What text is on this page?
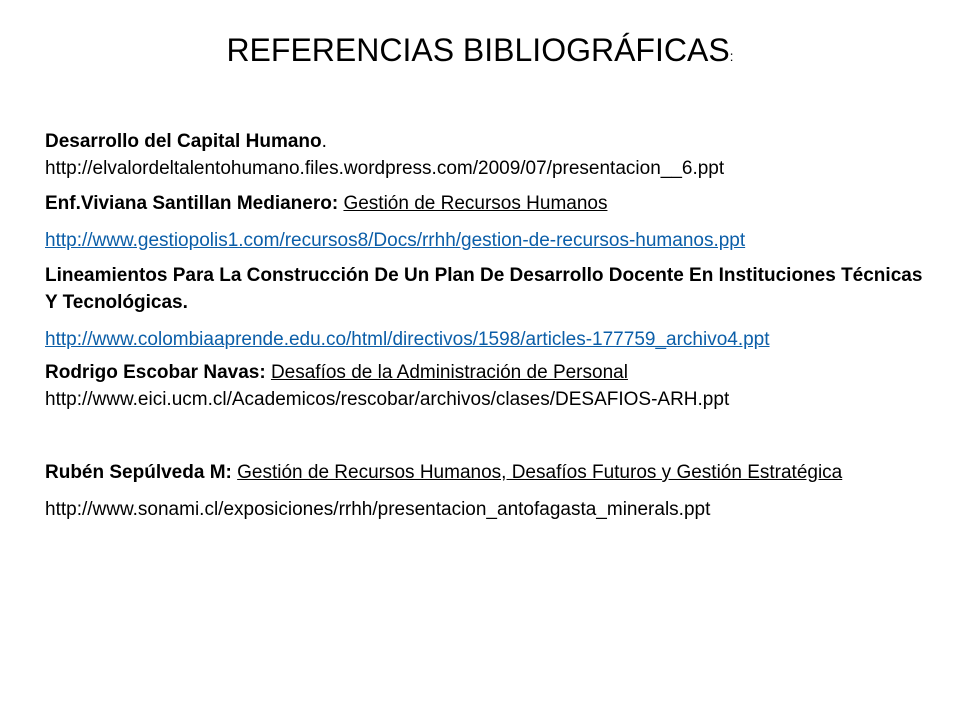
REFERENCIAS BIBLIOGRÁFICAS:

Desarrollo del Capital Humano.
http://elvalordeltalentohumano.files.wordpress.com/2009/07/presentacion__6.ppt

Enf.Viviana Santillan Medianero: Gestión de Recursos Humanos

http://www.gestiopolis1.com/recursos8/Docs/rrhh/gestion-de-recursos-humanos.ppt

Lineamientos Para La Construcción De Un Plan De Desarrollo Docente En Instituciones Técnicas Y Tecnológicas.

http://www.colombiaaprende.edu.co/html/directivos/1598/articles-177759_archivo4.ppt

Rodrigo Escobar Navas: Desafíos de la Administración de Personal
http://www.eici.ucm.cl/Academicos/rescobar/archivos/clases/DESAFIOS-ARH.ppt

Rubén Sepúlveda M: Gestión de Recursos Humanos, Desafíos Futuros y Gestión Estratégica

http://www.sonami.cl/exposiciones/rrhh/presentacion_antofagasta_minerals.ppt
